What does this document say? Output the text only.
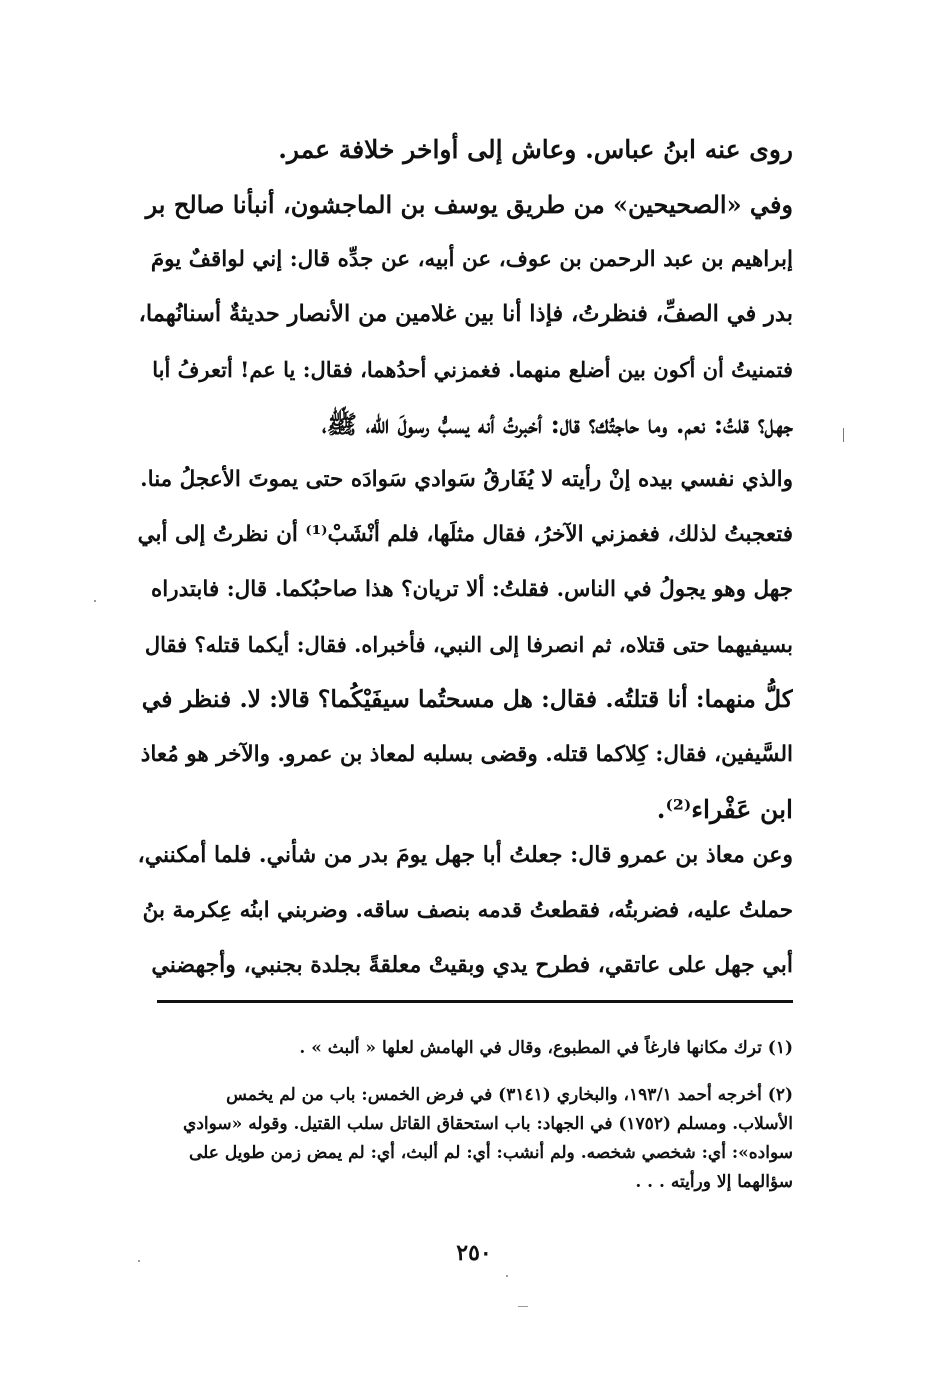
روى عنه ابنُ عباس. وعاش إلى أواخر خلافة عمر.
وفي «الصحيحين» من طريق يوسف بن الماجشون، أنبأنا صالح بر
إبراهيم بن عبد الرحمن بن عوف، عن أبيه، عن جدِّه قال: إني لواقفٌ يومَ
بدر في الصفِّ، فنظرتُ، فإذا أنا بين غلامين من الأنصار حديثةٌ أسنانُهما،
فتمنيتُ أن أكون بين أضلع منهما. فغمزني أحدُهما، فقال: يا عم! أتعرفُ أبا
جهل؟ قلتُ: نعم. وما حاجتُك؟ قال: أخبرتُ أنه يسبُّ رسولَ الله، ﷺ،
والذي نفسي بيده إنْ رأيته لا يُفَارقُ سَوادي سَوادَه حتى يموتَ الأعجلُ منا.
فتعجبتُ لذلك، فغمزني الآخرُ، فقال مثلَها، فلم أنْشَبْ⁽¹⁾ أن نظرتُ إلى أبي
جهل وهو يجولُ في الناس. فقلتُ: ألا تريان؟ هذا صاحبُكما. قال: فابتدراه
بسيفيهما حتى قتلاه، ثم انصرفا إلى النبي، فأخبراه. فقال: أيكما قتله؟ فقال
كلُّ منهما: أنا قتلتُه. فقال: هل مسحتُما سيفَيْكُما؟ قالا: لا. فنظر في
السَّيفين، فقال: كِلاكما قتله. وقضى بسلبه لمعاذ بن عمرو. والآخر هو مُعاذ
ابن عَفْراء⁽²⁾.
وعن معاذ بن عمرو قال: جعلتُ أبا جهل يومَ بدر من شأني. فلما أمكنني،
حملتُ عليه، فضربتُه، فقطعتُ قدمه بنصف ساقه. وضربني ابنُه عِكرمة بنُ
أبي جهل على عاتقي، فطرح يدي وبقيتْ معلقةً بجلدة بجنبي، وأجهضني
(١) ترك مكانها فارغاً في المطبوع، وقال في الهامش لعلها « ألبث » .
(٢) أخرجه أحمد ١٩٣/١، والبخاري (٣١٤١) في فرض الخمس: باب من لم يخمس
الأسلاب. ومسلم (١٧٥٢) في الجهاد: باب استحقاق القاتل سلب القتيل. وقوله «سوادي
سواده»: أي: شخصي شخصه. ولم أنشب: أي: لم ألبث، أي: لم يمض زمن طويل على
سؤالهما إلا ورأيته . . .
٢٥٠
